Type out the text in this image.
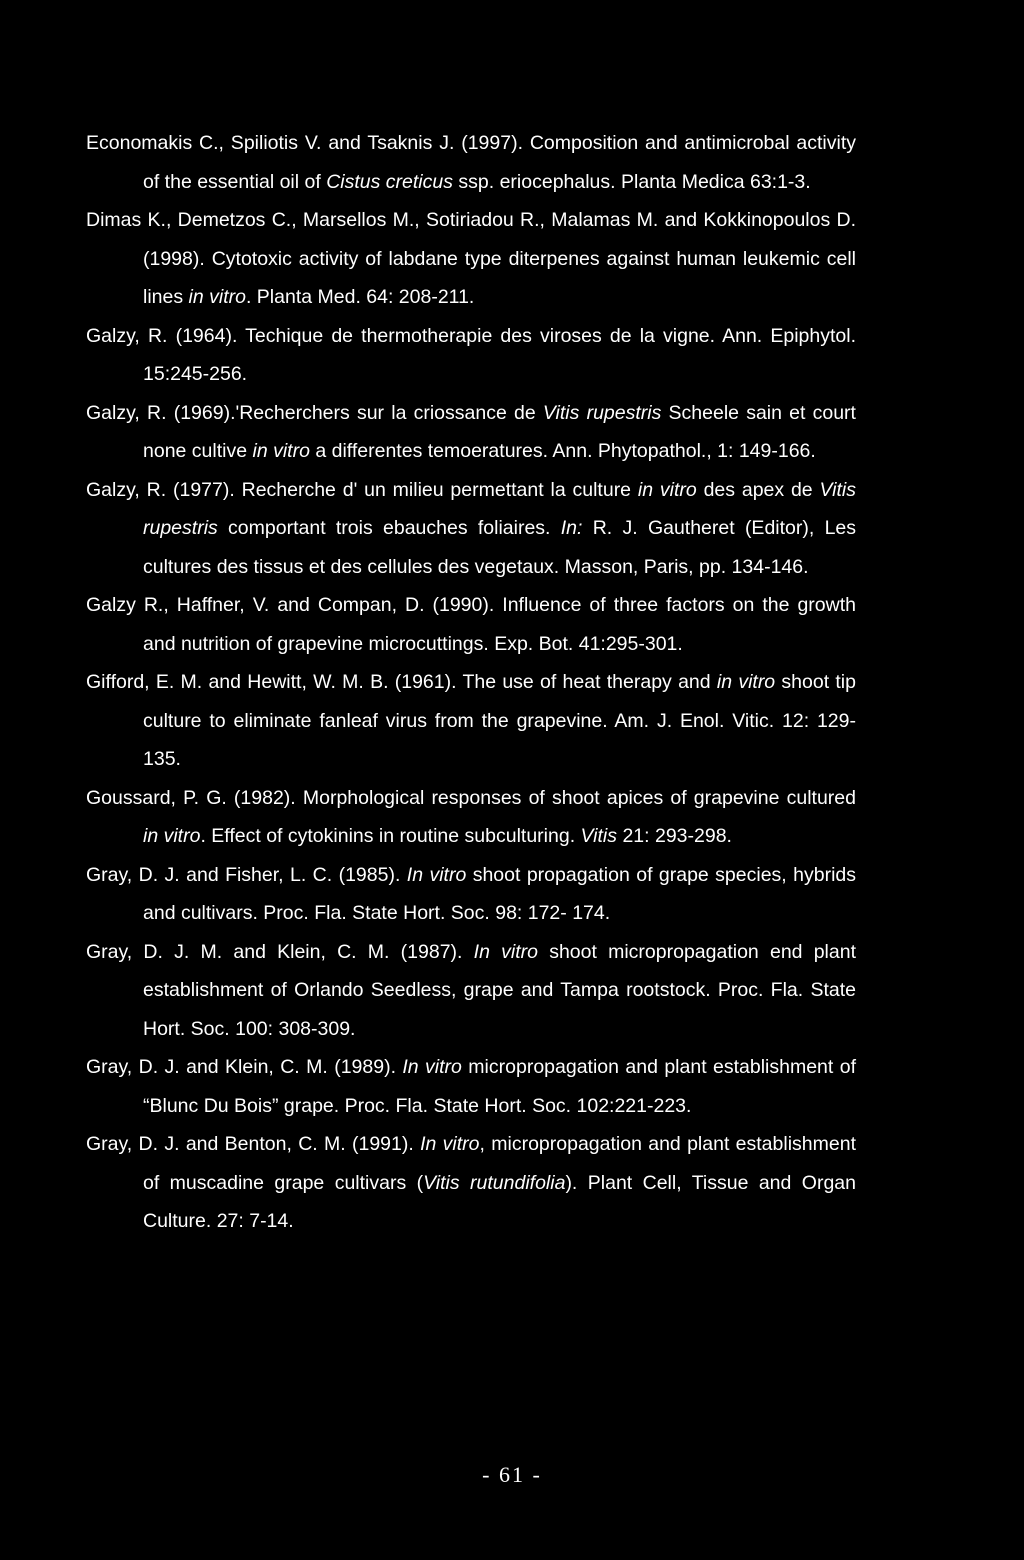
Economakis C., Spiliotis V. and Tsaknis J. (1997). Composition and antimicrobal activity of the essential oil of Cistus creticus ssp. eriocephalus. Planta Medica 63:1-3.
Dimas K., Demetzos C., Marsellos M., Sotiriadou R., Malamas M. and Kokkinopoulos D. (1998). Cytotoxic activity of labdane type diterpenes against human leukemic cell lines in vitro. Planta Med. 64: 208-211.
Galzy, R. (1964). Techique de thermotherapie des viroses de la vigne. Ann. Epiphytol. 15:245-256.
Galzy, R. (1969).'Recherchers sur la criossance de Vitis rupestris Scheele sain et court none cultive in vitro a differentes temoeratures. Ann. Phytopathol., 1: 149-166.
Galzy, R. (1977). Recherche d' un milieu permettant la culture in vitro des apex de Vitis rupestris comportant trois ebauches foliaires. In: R. J. Gautheret (Editor), Les cultures des tissus et des cellules des vegetaux. Masson, Paris, pp. 134-146.
Galzy R., Haffner, V. and Compan, D. (1990). Influence of three factors on the growth and nutrition of grapevine microcuttings. Exp. Bot. 41:295-301.
Gifford, E. M. and Hewitt, W. M. B. (1961). The use of heat therapy and in vitro shoot tip culture to eliminate fanleaf virus from the grapevine. Am. J. Enol. Vitic. 12: 129-135.
Goussard, P. G. (1982). Morphological responses of shoot apices of grapevine cultured in vitro. Effect of cytokinins in routine subculturing. Vitis 21: 293-298.
Gray, D. J. and Fisher, L. C. (1985). In vitro shoot propagation of grape species, hybrids and cultivars. Proc. Fla. State Hort. Soc. 98: 172- 174.
Gray, D. J. M. and Klein, C. M. (1987). In vitro shoot micropropagation end plant establishment of Orlando Seedless, grape and Tampa rootstock. Proc. Fla. State Hort. Soc. 100: 308-309.
Gray, D. J. and Klein, C. M. (1989). In vitro micropropagation and plant establishment of “Blunc Du Bois” grape. Proc. Fla. State Hort. Soc. 102:221-223.
Gray, D. J. and Benton, C. M. (1991). In vitro, micropropagation and plant establishment of muscadine grape cultivars (Vitis rutundifolia). Plant Cell, Tissue and Organ Culture. 27: 7-14.
- 61 -
